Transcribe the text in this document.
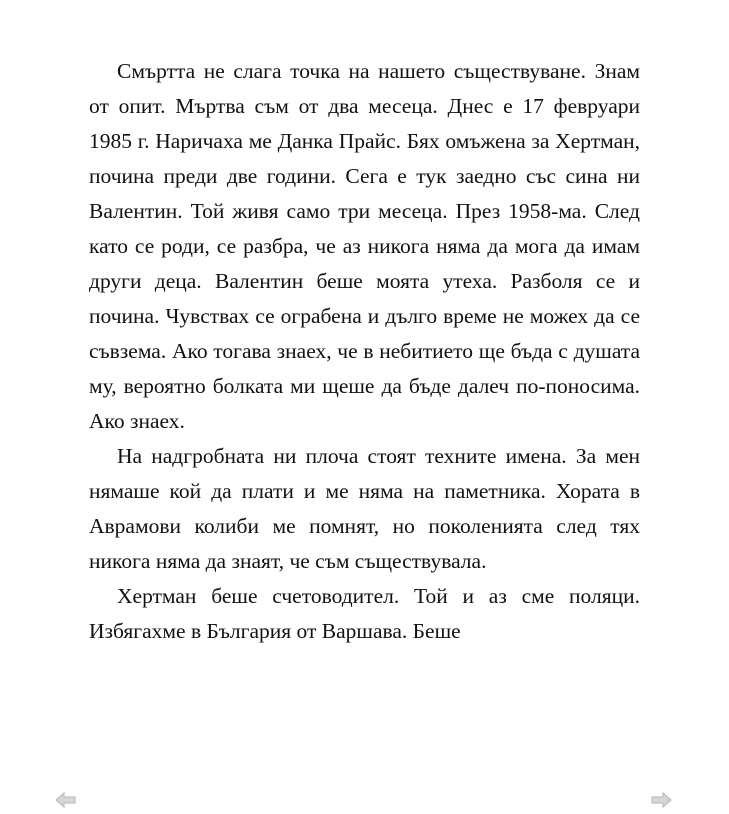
Смъртта не слага точка на нашето съществуване. Знам от опит. Мъртва съм от два месеца. Днес е 17 февруари 1985 г. Наричаха ме Данка Прайс. Бях омъжена за Хертман, почина преди две години. Сега е тук заедно със сина ни Валентин. Той живя само три месеца. През 1958-ма. След като се роди, се разбра, че аз никога няма да мога да имам други деца. Валентин беше моята утеха. Разболя се и почина. Чувствах се ограбена и дълго време не можех да се съвзема. Ако тогава знаех, че в небитието ще бъда с душата му, вероятно болката ми щеше да бъде далеч по-поносима. Ако знаех.

На надгробната ни плоча стоят техните имена. За мен нямаше кой да плати и ме няма на паметника. Хората в Аврамови колиби ме помнят, но поколенията след тях никога няма да знаят, че съм съществувала.

Хертман беше счетоводител. Той и аз сме поляци. Избягахме в България от Варшава. Беше
